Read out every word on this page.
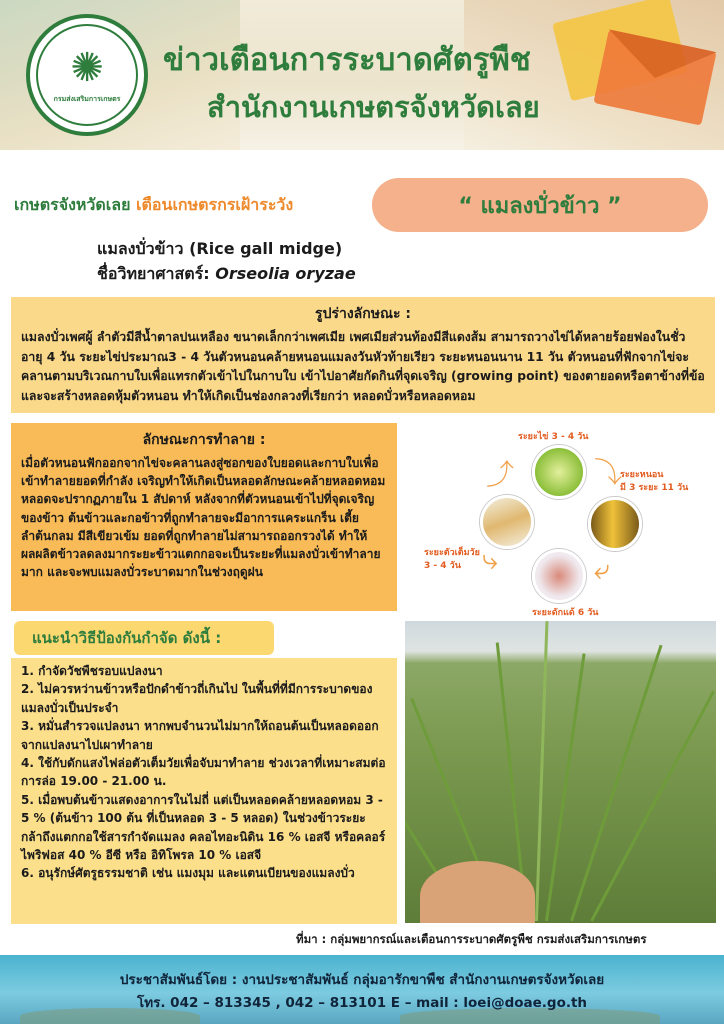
✺
กรมส่งเสริมการเกษตร
ข่าวเตือนการระบาดศัตรูพืช
สำนักงานเกษตรจังหวัดเลย
เกษตรจังหวัดเลย เตือนเกษตรกรเฝ้าระวัง	“ แมลงบั่วข้าว ”
แมลงบั่วข้าว (Rice gall midge)
ชื่อวิทยาศาสตร์: Orseolia oryzae
รูปร่างลักษณะ :

แมลงบั่วเพศผู้ ลำตัวมีสีน้ำตาลปนเหลือง ขนาดเล็กกว่าเพศเมีย เพศเมียส่วนท้องมีสีแดงส้ม สามารถวางไข่ได้หลายร้อยฟองในชั่วอายุ 4 วัน ระยะไข่ประมาณ3 - 4 วันตัวหนอนคล้ายหนอนแมลงวันหัวท้ายเรียว ระยะหนอนนาน 11 วัน ตัวหนอนที่ฟักจากไข่จะคลานตามบริเวณกาบใบเพื่อแทรกตัวเข้าไปในกาบใบ เข้าไปอาศัยกัดกินที่จุดเจริญ (growing point) ของตายอดหรือตาข้างที่ข้อ และจะสร้างหลอดหุ้มตัวหนอน ทำให้เกิดเป็นช่องกลวงที่เรียกว่า หลอดบั่วหรือหลอดหอม

ลักษณะการทำลาย :

เมื่อตัวหนอนฟักออกจากไข่จะคลานลงสู่ซอกของใบยอดและกาบใบเพื่อเข้าทำลายยอดที่กำลัง เจริญทำให้เกิดเป็นหลอดลักษณะคล้ายหลอดหอม หลอดจะปรากฏภายใน 1 สัปดาห์ หลังจากที่ตัวหนอนเข้าไปที่จุดเจริญของข้าว ต้นข้าวและกอข้าวที่ถูกทำลายจะมีอาการแคระแกร็น เตี้ย ลำต้นกลม มีสีเขียวเข้ม ยอดที่ถูกทำลายไม่สามารถออกรวงได้ ทำให้ผลผลิตข้าวลดลงมากระยะข้าวแตกกอจะเป็นระยะที่แมลงบั่วเข้าทำลายมาก และจะพบแมลงบั่วระบาดมากในช่วงฤดูฝน

ระยะไข่ 3 - 4 วัน
⤵
ระยะหนอน
มี 3 ระยะ 11 วัน
⤶
ระยะดักแด้ 6 วัน
⤷
ระยะตัวเต็มวัย
3 - 4 วัน
⤴
แนะนำวิธีป้องกันกำจัด ดังนี้ :
1. กำจัดวัชพืชรอบแปลงนา
2. ไม่ควรหว่านข้าวหรือปักดำข้าวถี่เกินไป ในพื้นที่ที่มีการระบาดของแมลงบั่วเป็นประจำ
3. หมั่นสำรวจแปลงนา หากพบจำนวนไม่มากให้ถอนต้นเป็นหลอดออกจากแปลงนาไปเผาทำลาย
4. ใช้กับดักแสงไฟล่อตัวเต็มวัยเพื่อจับมาทำลาย ช่วงเวลาที่เหมาะสมต่อการล่อ 19.00 - 21.00 น.
5. เมื่อพบต้นข้าวแสดงอาการในไม่ถี่ แต่เป็นหลอดคล้ายหลอดหอม 3 - 5 % (ต้นข้าว 100 ต้น ที่เป็นหลอด 3 - 5 หลอด) ในช่วงข้าวระยะกล้าถึงแตกกอใช้สารกำจัดแมลง คลอไทอะนิดิน 16 % เอสจี หรือคลอร์ไพริฟอส 40 % อีซี หรือ อิทิโพรล 10 % เอสจี
6. อนุรักษ์ศัตรูธรรมชาติ เช่น แมงมุม และแตนเบียนของแมลงบั่ว
ที่มา : กลุ่มพยากรณ์และเตือนการระบาดศัตรูพืช กรมส่งเสริมการเกษตร
ประชาสัมพันธ์โดย : งานประชาสัมพันธ์ กลุ่มอารักขาพืช สำนักงานเกษตรจังหวัดเลย
โทร. 042 – 813345 , 042 – 813101 E – mail : loei@doae.go.th
